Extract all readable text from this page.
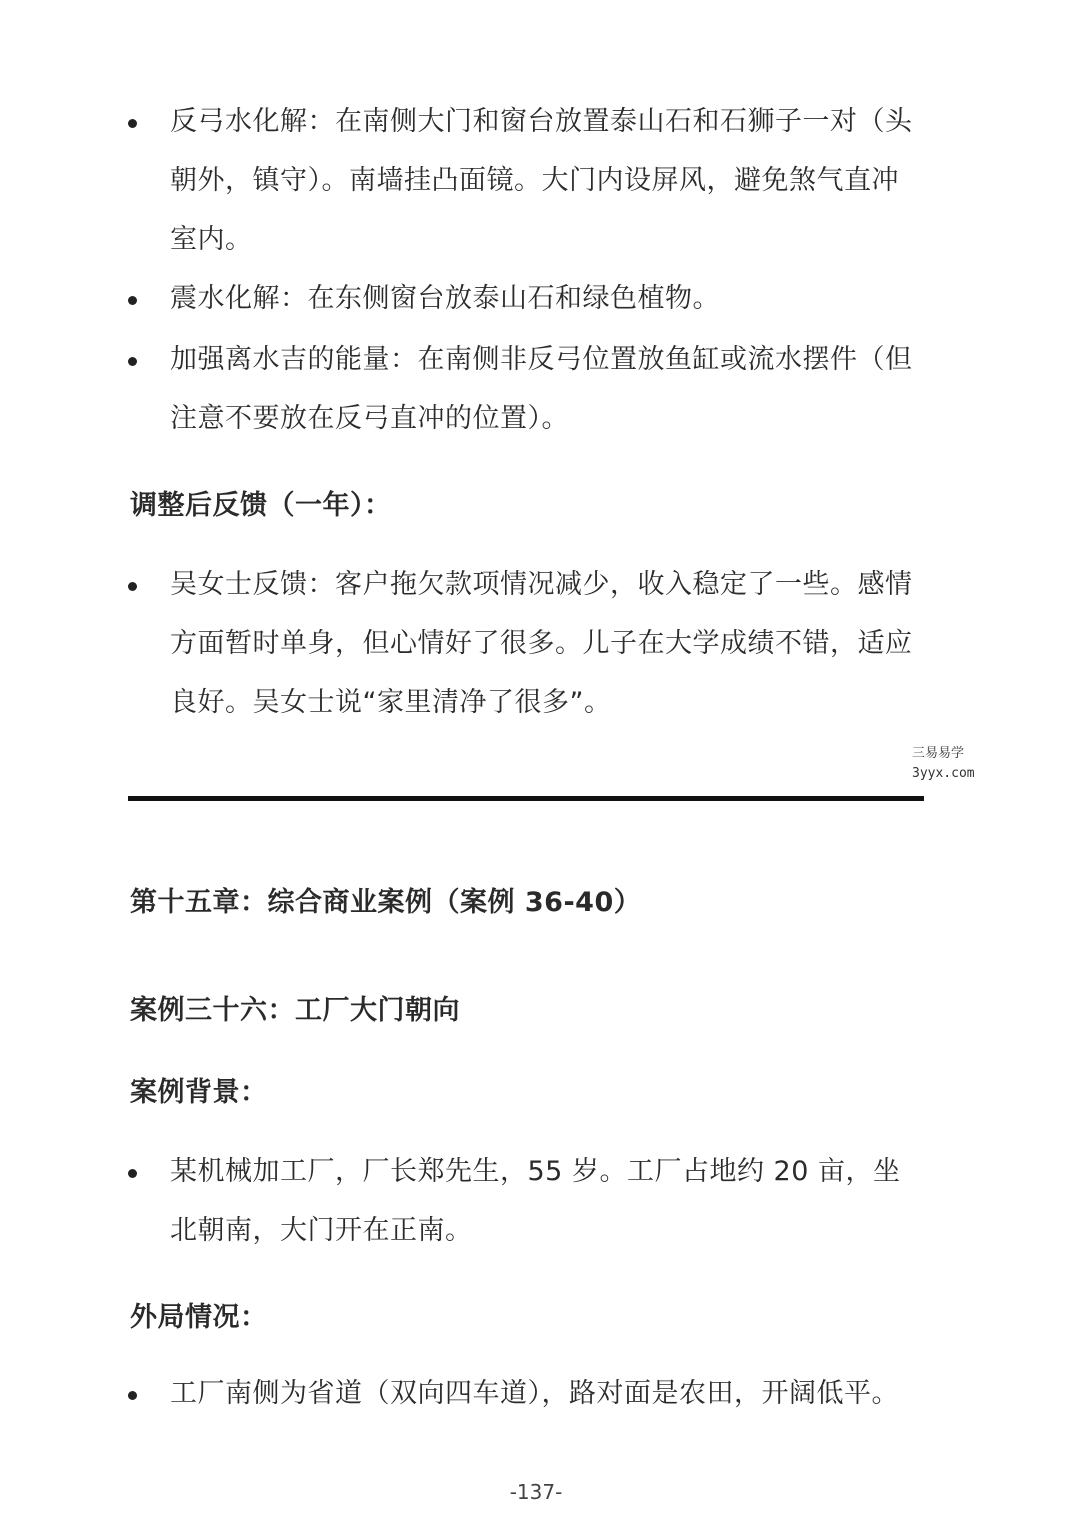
反弓水化解：在南侧大门和窗台放置泰山石和石狮子一对（头朝外，镇守）。南墙挂凸面镜。大门内设屏风，避免煞气直冲室内。
震水化解：在东侧窗台放泰山石和绿色植物。
加强离水吉的能量：在南侧非反弓位置放鱼缸或流水摆件（但注意不要放在反弓直冲的位置）。
调整后反馈（一年）：
吴女士反馈：客户拖欠款项情况减少，收入稳定了一些。感情方面暂时单身，但心情好了很多。儿子在大学成绩不错，适应良好。吴女士说“家里清净了很多”。
三易易学
3yyx.com
第十五章：综合商业案例（案例 36-40）
案例三十六：工厂大门朝向
案例背景：
某机械加工厂，厂长郑先生，55 岁。工厂占地约 20 亩，坐北朝南，大门开在正南。
外局情况：
工厂南侧为省道（双向四车道），路对面是农田，开阔低平。
-137-
